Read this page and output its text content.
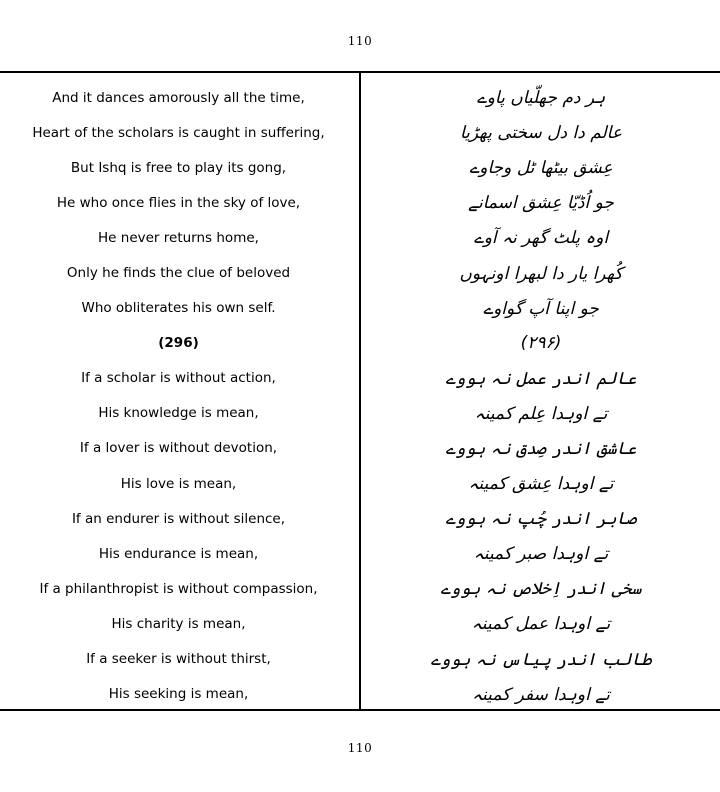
110
And it dances amorously all the time,
Heart of the scholars is caught in suffering,
But Ishq is free to play its gong,
He who once flies in the sky of love,
He never returns home,
Only he finds the clue of beloved
Who obliterates his own self.
(296)
If a scholar is without action,
His knowledge is mean,
If a lover is without devotion,
His love is mean,
If an endurer is without silence,
His endurance is mean,
If a philanthropist is without compassion,
His charity is mean,
If a seeker is without thirst,
His seeking is mean,
ہر دم جھلّیاں پاوے
عالم دا دل سختی پھڑیا
عِشق بیٹھا ٹل وجاوے
جو اُڈیّا عِشق اسمانے
اوہ پلٹ گھر نہ آوے
کُھرا یار دا لبھرا اونہوں
جو اپنا آپ گواوے
(۲۹۶)
عالم اندر عمل نہ ہووے
تے اوہدا عِلم کمینہ
عاشق اندر صِدق نہ ہووے
تے اوہدا عِشق کمینہ
صابر اندر چُپ نہ ہووے
تے اوہدا صبر کمینہ
سخی اندر اِخلاص نہ ہووے
تے اوہدا عمل کمینہ
طالب اندر پیاس نہ ہووے
تے اوہدا سفر کمینہ
110
